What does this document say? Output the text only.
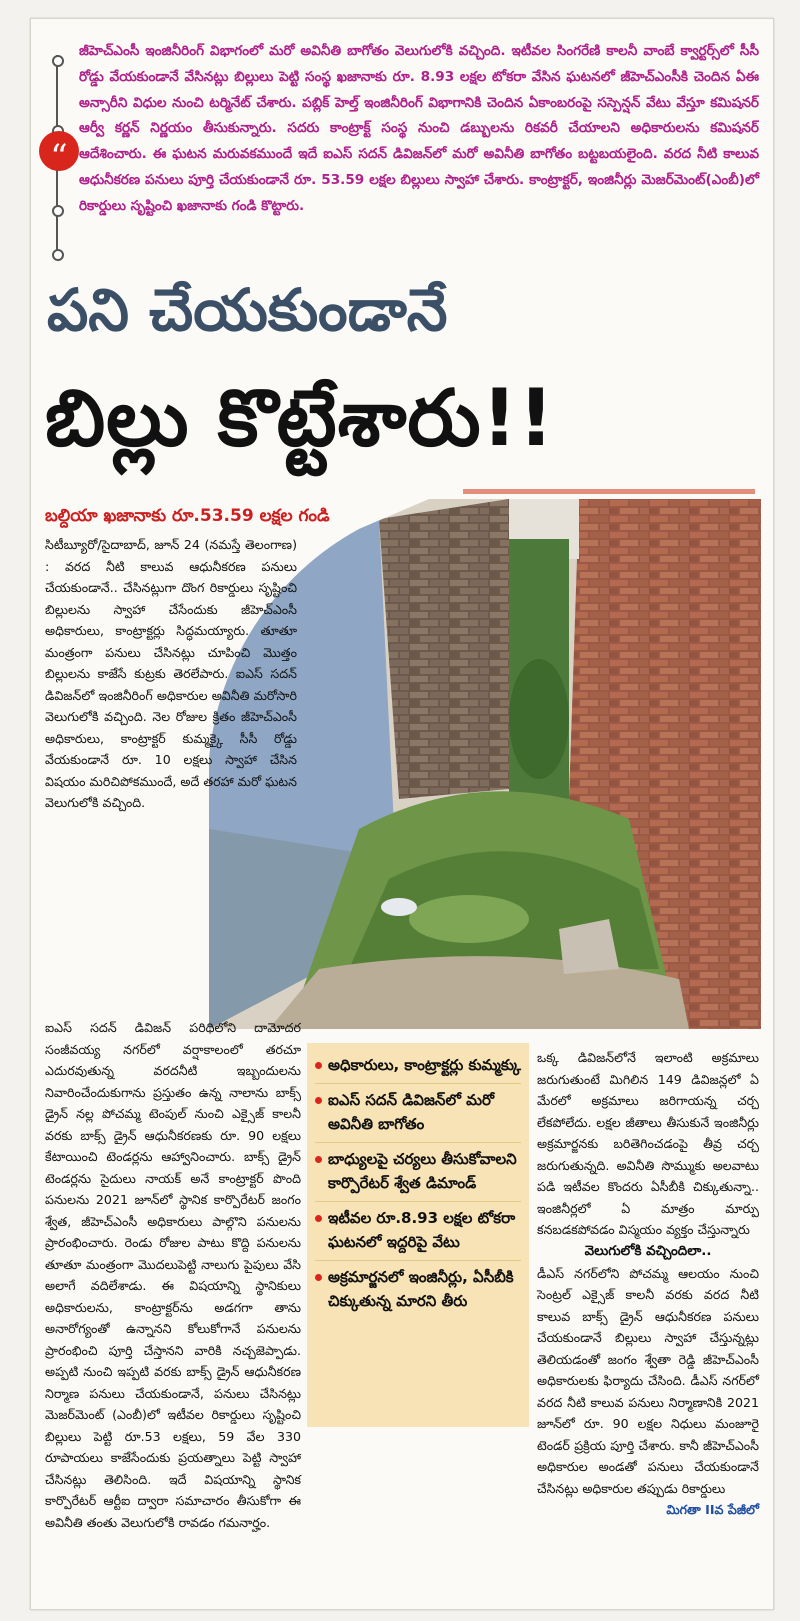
“
జీహెచ్‌ఎంసీ ఇంజినీరింగ్‌ విభాగంలో మరో అవినీతి బాగోతం వెలుగులోకి వచ్చింది. ఇటీవల సింగరేణి కాలనీ వాంబే క్వార్టర్స్‌లో సీసీ రోడ్డు వేయకుండానే వేసినట్లు బిల్లులు పెట్టి సంస్థ ఖజానాకు రూ. 8.93 లక్షల టోకరా వేసిన ఘటనలో జీహెచ్‌ఎంసీకి చెందిన ఏఈ అన్సారీని విధుల నుంచి టర్మినేట్‌ చేశారు. పబ్లిక్‌ హెల్త్‌ ఇంజినీరింగ్‌ విభాగానికి చెందిన ఏకాంబరంపై సస్పెన్షన్‌ వేటు వేస్తూ కమిషనర్‌ ఆర్వీ కర్ణన్‌ నిర్ణయం తీసుకున్నారు. సదరు కాంట్రాక్ట్‌ సంస్థ నుంచి డబ్బులను రికవరీ చేయాలని అధికారులను కమిషనర్‌ ఆదేశించారు. ఈ ఘటన మరువకముందే ఇదే ఐఎస్‌ సదన్‌ డివిజన్‌లో మరో అవినీతి బాగోతం బట్టబయలైంది. వరద నీటి కాలువ ఆధునీకరణ పనులు పూర్తి చేయకుండానే రూ. 53.59 లక్షల బిల్లులు స్వాహా చేశారు. కాంట్రాక్టర్‌, ఇంజినీర్లు మెజర్‌మెంట్‌(ఎంబీ)లో రికార్డులు సృష్టించి ఖజానాకు గండి కొట్టారు.
పని చేయకుండానే
బిల్లు కొట్టేశారు!!
బల్దియా ఖజానాకు రూ.53.59 లక్షల గండి
సిటీబ్యూరో/సైదాబాద్‌, జూన్‌ 24 (నమస్తే తెలంగాణ) : వరద నీటి కాలువ ఆధునీకరణ పనులు చేయకుండానే.. చేసినట్లుగా దొంగ రికార్డులు సృష్టించి బిల్లులను స్వాహా చేసేందుకు జీహెచ్‌ఎంసీ అధికారులు, కాంట్రాక్టర్లు సిద్ధమయ్యారు. తూతూ మంత్రంగా పనులు చేసినట్లు చూపించి మొత్తం బిల్లులను కాజేసే కుట్రకు తెరలేపారు. ఐఎస్‌ సదన్‌ డివిజన్‌లో ఇంజినీరింగ్‌ అధికారుల అవినీతి మరోసారి వెలుగులోకి వచ్చింది. నెల రోజుల క్రితం జీహెచ్‌ఎంసీ అధికారులు, కాంట్రాక్టర్‌ కుమ్మక్కై సీసీ రోడ్డు వేయకుండానే రూ. 10 లక్షలు స్వాహా చేసిన విషయం మరిచిపోకముందే, అదే తరహా మరో ఘటన వెలుగులోకి వచ్చింది.
ఐఎస్‌ సదన్‌ డివిజన్‌ పరిధిలోని దామోదర సంజీవయ్య నగర్‌లో వర్షాకాలంలో తరచూ ఎదురవుతున్న వరదనీటి ఇబ్బందులను నివారించేందుకుగాను ప్రస్తుతం ఉన్న నాలాను బాక్స్‌ డ్రైన్‌ నల్ల పోచమ్మ టెంపుల్‌ నుంచి ఎక్సైజ్‌ కాలనీ వరకు బాక్స్‌ డ్రైన్‌ ఆధునీకరణకు రూ. 90 లక్షలు కేటాయించి టెండర్లను ఆహ్వానించారు. బాక్స్‌ డ్రైన్‌ టెండర్లను సైదులు నాయక్‌ అనే కాంట్రాక్టర్‌ పొంది పనులను 2021 జూన్‌లో స్థానిక కార్పొరేటర్‌ జంగం శ్వేత, జీహెచ్‌ఎంసీ అధికారులు పాల్గొని పనులను ప్రారంభించారు. రెండు రోజుల పాటు కొద్ది పనులను తూతూ మంత్రంగా మొదలుపెట్టి నాలుగు పైపులు వేసి అలాగే వదిలేశాడు. ఈ విషయాన్ని స్థానికులు అధికారులను, కాంట్రాక్టర్‌ను అడగగా తాను అనారోగ్యంతో ఉన్నానని కోలుకోగానే పనులను ప్రారంభించి పూర్తి చేస్తానని వారికి నచ్చజెప్పాడు. అప్పటి నుంచి ఇప్పటి వరకు బాక్స్‌ డ్రైన్‌ ఆధునీకరణ నిర్మాణ పనులు చేయకుండానే, పనులు చేసినట్లు మెజర్‌మెంట్‌ (ఎంబీ)లో ఇటీవల రికార్డులు సృష్టించి బిల్లులు పెట్టి రూ.53 లక్షలు, 59 వేల 330 రూపాయలు కాజేసేందుకు ప్రయత్నాలు పెట్టి స్వాహా చేసినట్లు తెలిసింది. ఇదే విషయాన్ని స్థానిక కార్పొరేటర్‌ ఆర్టీఐ ద్వారా సమాచారం తీసుకోగా ఈ అవినీతి తంతు వెలుగులోకి రావడం గమనార్హం.
అధికారులు, కాంట్రాక్టర్లు కుమ్మక్కు
ఐఎస్‌ సదన్‌ డివిజన్‌లో మరో అవినీతి బాగోతం
బాధ్యులపై చర్యలు తీసుకోవాలని కార్పొరేటర్‌ శ్వేత డిమాండ్‌
ఇటీవల రూ.8.93 లక్షల టోకరా ఘటనలో ఇద్దరిపై వేటు
అక్రమార్జనలో ఇంజినీర్లు, ఏసీబీకి చిక్కుతున్న మారని తీరు
ఒక్క డివిజన్‌లోనే ఇలాంటి అక్రమాలు జరుగుతుంటే మిగిలిన 149 డివిజన్లలో ఏ మేరలో అక్రమాలు జరిగాయన్న చర్చ లేకపోలేదు. లక్షల జీతాలు తీసుకునే ఇంజినీర్లు అక్రమార్జనకు బరితెగించడంపై తీవ్ర చర్చ జరుగుతున్నది. అవినీతి సొమ్ముకు అలవాటు పడి ఇటీవల కొందరు ఏసీబీకి చిక్కుతున్నా.. ఇంజినీర్లలో ఏ మాత్రం మార్పు కనబడకపోవడం విస్మయం వ్యక్తం చేస్తున్నారు
వెలుగులోకి వచ్చిందిలా..
డీఎస్‌ నగర్‌లోని పోచమ్మ ఆలయం నుంచి సెంట్రల్‌ ఎక్సైజ్‌ కాలనీ వరకు వరద నీటి కాలువ బాక్స్‌ డ్రైన్‌ ఆధునీకరణ పనులు చేయకుండానే బిల్లులు స్వాహా చేస్తున్నట్లు తెలియడంతో జంగం శ్వేతా రెడ్డి జీహెచ్‌ఎంసీ అధికారులకు ఫిర్యాదు చేసింది. డీఎస్‌ నగర్‌లో వరద నీటి కాలువ పనులు నిర్మాణానికి 2021 జూన్‌లో రూ. 90 లక్షల నిధులు మంజూరై టెండర్‌ ప్రక్రియ పూర్తి చేశారు. కానీ జీహెచ్‌ఎంసీ అధికారుల అండతో పనులు చేయకుండానే చేసినట్లు అధికారుల తప్పుడు రికార్డులు
మిగతా IIవ పేజీలో
